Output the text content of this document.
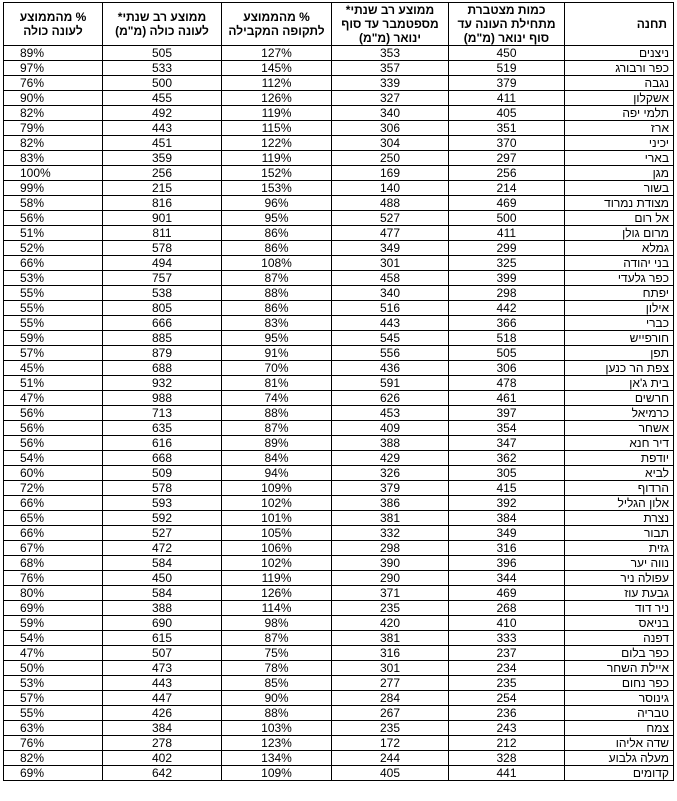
תחנה	כמות מצטברת מתחילת העונה עד סוף ינואר (מ"מ)	ממוצע רב שנתי* מספטמבר עד סוף ינואר (מ"מ)	% מהממוצע לתקופה המקבילה	ממוצע רב שנתי* לעונה כולה (מ"מ)	% מהממוצע לעונה כולה
ניצנים	450	353	127%	505	89%
כפר ורבורג	519	357	145%	533	97%
נגבה	379	339	112%	500	76%
אשקלון	411	327	126%	455	90%
תלמי יפה	405	340	119%	492	82%
ארז	351	306	115%	443	79%
יכיני	370	304	122%	451	82%
בארי	297	250	119%	359	83%
מגן	256	169	152%	256	100%
בשור	214	140	153%	215	99%
מצודת נמרוד	469	488	96%	816	58%
אל רום	500	527	95%	901	56%
מרום גולן	411	477	86%	811	51%
גמלא	299	349	86%	578	52%
בני יהודה	325	301	108%	494	66%
כפר גלעדי	399	458	87%	757	53%
יפתח	298	340	88%	538	55%
אילון	442	516	86%	805	55%
כברי	366	443	83%	666	55%
חורפייש	518	545	95%	885	59%
תפן	505	556	91%	879	57%
צפת הר כנען	306	436	70%	688	45%
בית ג'אן	478	591	81%	932	51%
חרשים	461	626	74%	988	47%
כרמיאל	397	453	88%	713	56%
אשחר	354	409	87%	635	56%
דיר חנא	347	388	89%	616	56%
יודפת	362	429	84%	668	54%
לביא	305	326	94%	509	60%
הרדוף	415	379	109%	578	72%
אלון הגליל	392	386	102%	593	66%
נצרת	384	381	101%	592	65%
תבור	349	332	105%	527	66%
גזית	316	298	106%	472	67%
נווה יער	396	390	102%	584	68%
עפולה ניר	344	290	119%	450	76%
גבעת עוז	469	371	126%	584	80%
ניר דוד	268	235	114%	388	69%
בניאס	410	420	98%	690	59%
דפנה	333	381	87%	615	54%
כפר בלום	237	316	75%	507	47%
איילת השחר	234	301	78%	473	50%
כפר נחום	235	277	85%	443	53%
גינוסר	254	284	90%	447	57%
טבריה	236	267	88%	426	55%
צמח	243	235	103%	384	63%
שדה אליהו	212	172	123%	278	76%
מעלה גלבוע	328	244	134%	402	82%
קדומים	441	405	109%	642	69%
